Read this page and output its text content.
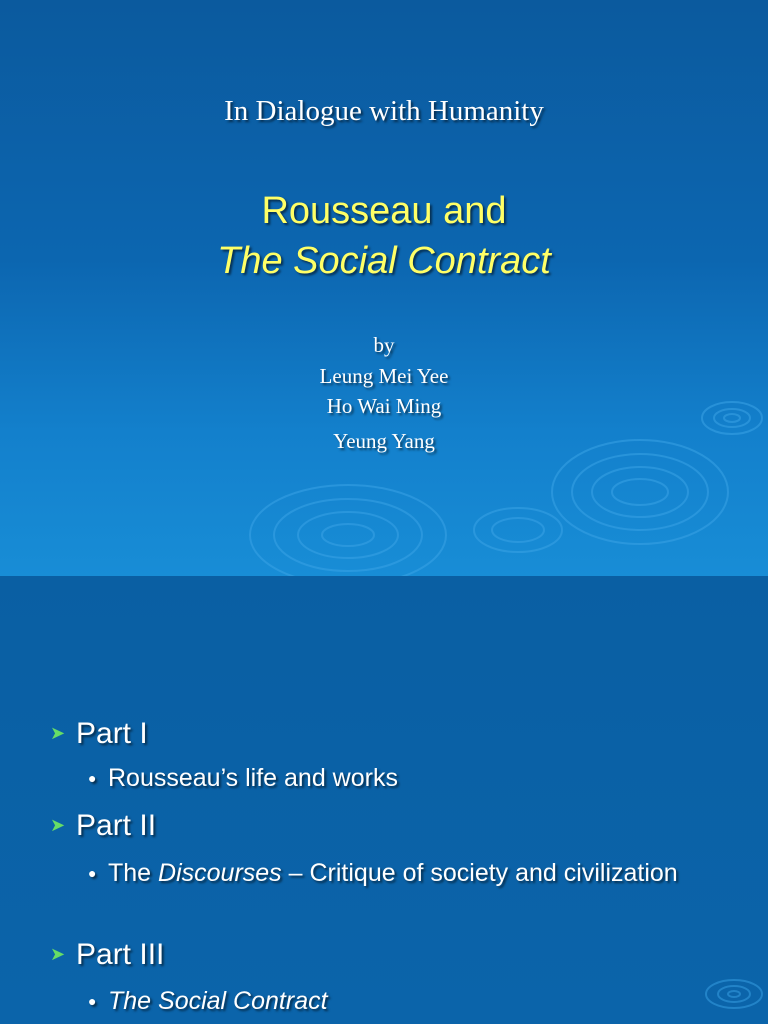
In Dialogue with Humanity
Rousseau and
The Social Contract
by
Leung Mei Yee
Ho Wai Ming
Yeung Yang
➤ Part I
● Rousseau’s life and works
➤ Part II
● The Discourses – Critique of society and civilization
➤ Part III
● The Social Contract
